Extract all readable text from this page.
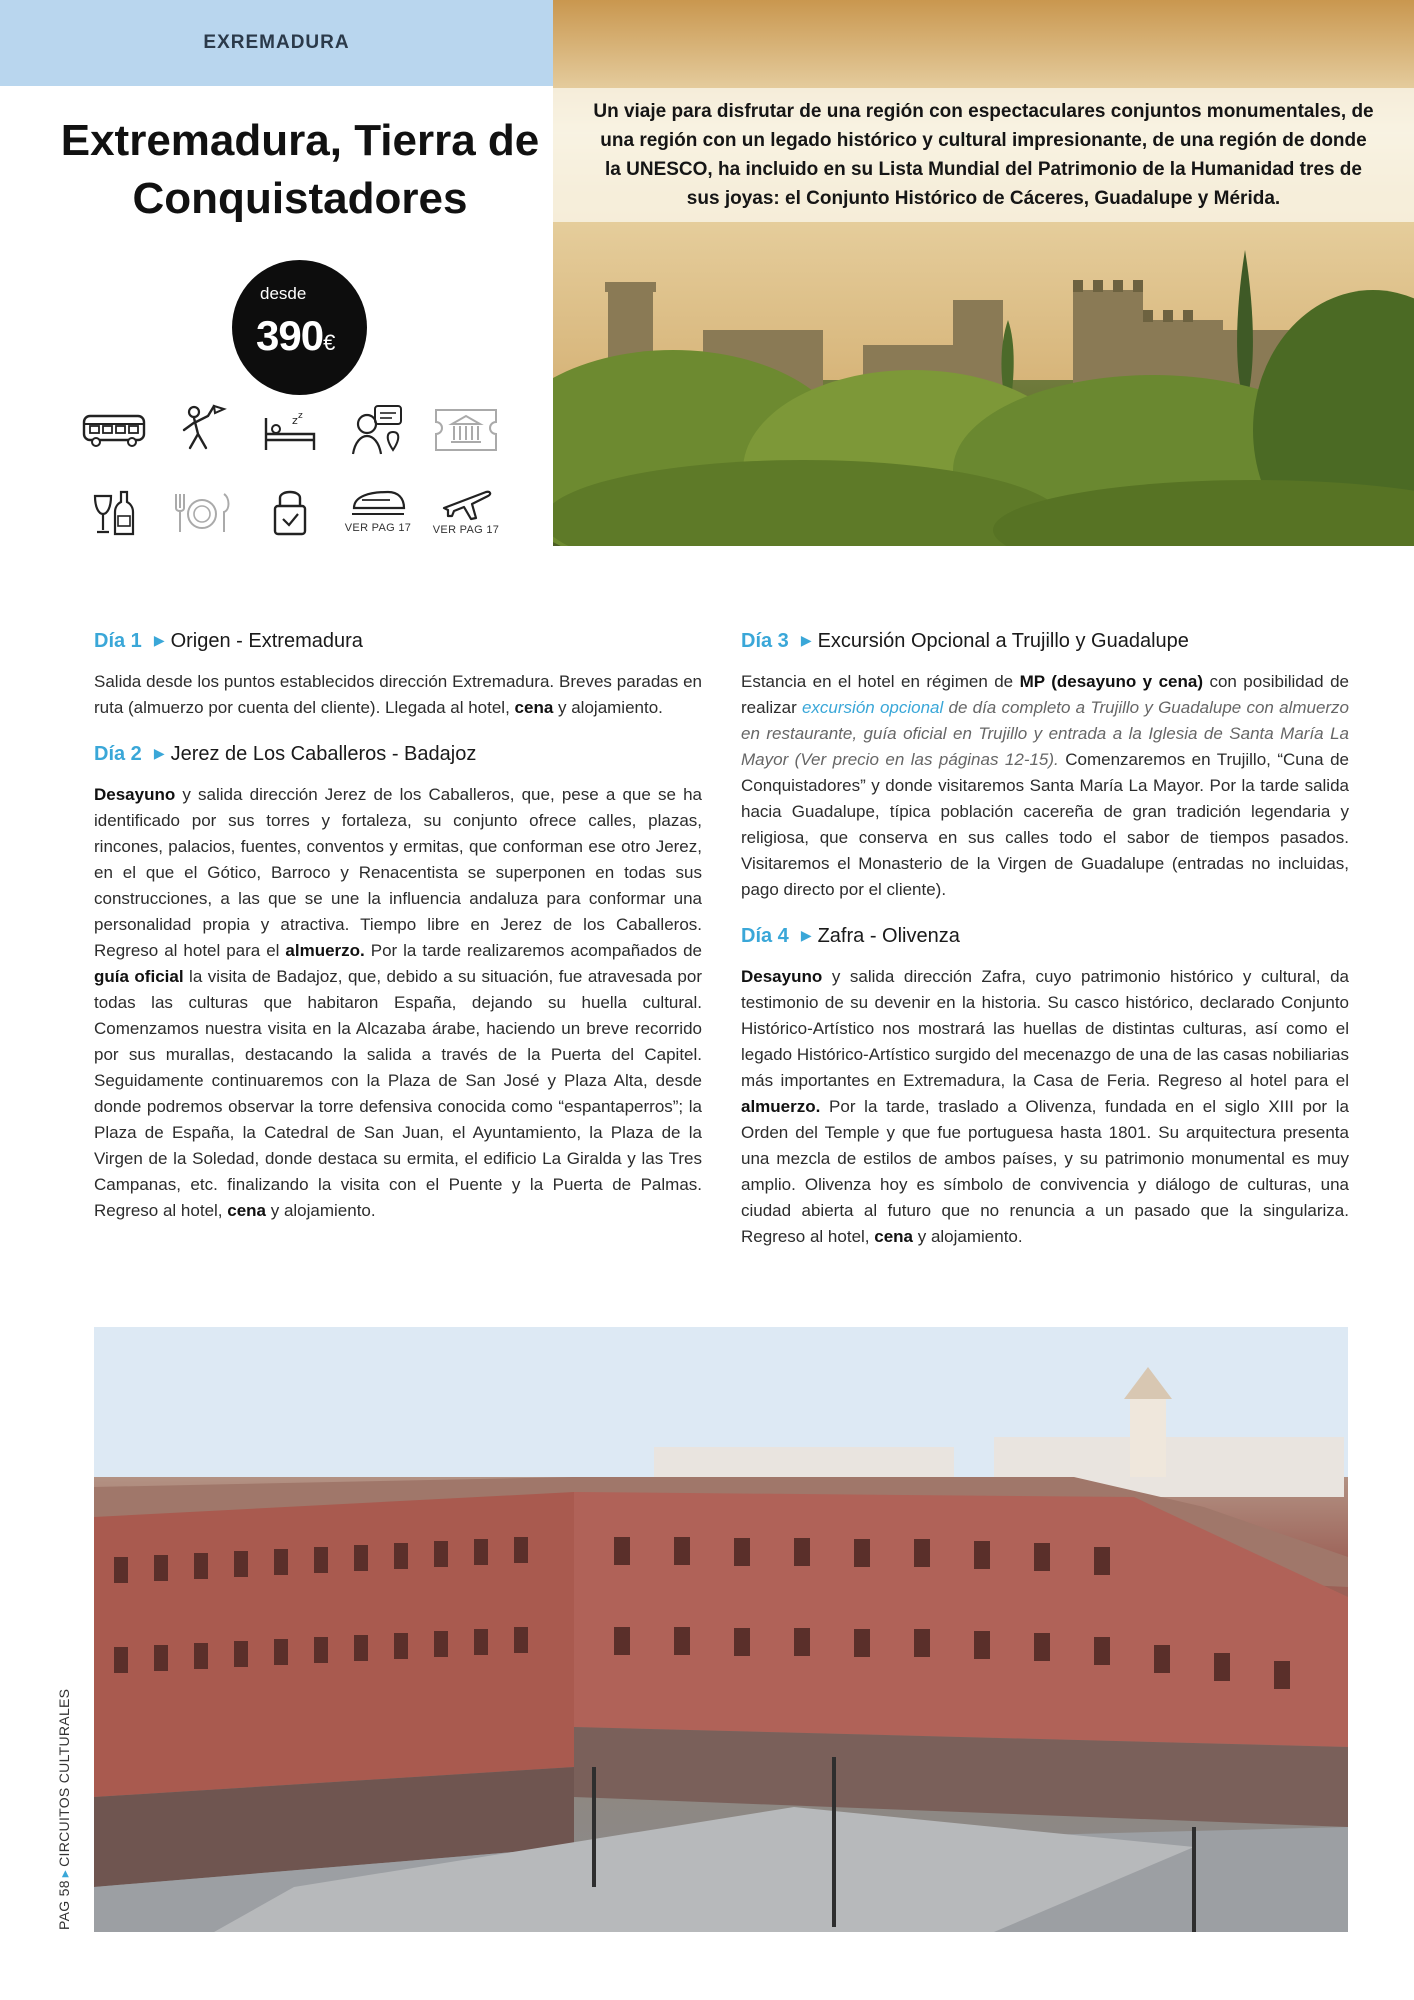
EXREMADURA
Extremadura, Tierra de
Conquistadores
desde
390€
z z
VER PAG 17	VER PAG 17

Un viaje para disfrutar de una región con espectaculares conjuntos monumentales, de una región con un legado histórico y cultural impresionante, de una región de donde la UNESCO, ha incluido en su Lista Mundial del Patrimonio de la Humanidad tres de sus joyas: el Conjunto Histórico de Cáceres, Guadalupe y Mérida.

Día 1 ▶ Origen - Extremadura
Salida desde los puntos establecidos dirección Extremadura. Breves paradas en ruta (almuerzo por cuenta del cliente). Llegada al hotel, cena y alojamiento.
Día 2 ▶ Jerez de Los Caballeros - Badajoz
Desayuno y salida dirección Jerez de los Caballeros, que, pese a que se ha identificado por sus torres y fortaleza, su conjunto ofrece calles, plazas, rincones, palacios, fuentes, conventos y ermitas, que conforman ese otro Jerez, en el que el Gótico, Barroco y Renacentista se superponen en todas sus construcciones, a las que se une la influencia andaluza para conformar una personalidad propia y atractiva. Tiempo libre en Jerez de los Caballeros. Regreso al hotel para el almuerzo. Por la tarde realizaremos acompañados de guía oficial la visita de Badajoz, que, debido a su situación, fue atravesada por todas las culturas que habitaron España, dejando su huella cultural. Comenzamos nuestra visita en la Alcazaba árabe, haciendo un breve recorrido por sus murallas, destacando la salida a través de la Puerta del Capitel. Seguidamente continuaremos con la Plaza de San José y Plaza Alta, desde donde podremos observar la torre defensiva conocida como “espantaperros”; la Plaza de España, la Catedral de San Juan, el Ayuntamiento, la Plaza de la Virgen de la Soledad, donde destaca su ermita, el edificio La Giralda y las Tres Campanas, etc. finalizando la visita con el Puente y la Puerta de Palmas. Regreso al hotel, cena y alojamiento.
Día 3 ▶ Excursión Opcional a Trujillo y Guadalupe
Estancia en el hotel en régimen de MP (desayuno y cena) con posibilidad de realizar excursión opcional de día completo a Trujillo y Guadalupe con almuerzo en restaurante, guía oficial en Trujillo y entrada a la Iglesia de Santa María La Mayor (Ver precio en las páginas 12-15). Comenzaremos en Trujillo, “Cuna de Conquistadores” y donde visitaremos Santa María La Mayor. Por la tarde salida hacia Guadalupe, típica población cacereña de gran tradición legendaria y religiosa, que conserva en sus calles todo el sabor de tiempos pasados. Visitaremos el Monasterio de la Virgen de Guadalupe (entradas no incluidas, pago directo por el cliente).
Día 4 ▶ Zafra - Olivenza
Desayuno y salida dirección Zafra, cuyo patrimonio histórico y cultural, da testimonio de su devenir en la historia. Su casco histórico, declarado Conjunto Histórico-Artístico nos mostrará las huellas de distintas culturas, así como el legado Histórico-Artístico surgido del mecenazgo de una de las casas nobiliarias más importantes en Extremadura, la Casa de Feria. Regreso al hotel para el almuerzo. Por la tarde, traslado a Olivenza, fundada en el siglo XIII por la Orden del Temple y que fue portuguesa hasta 1801. Su arquitectura presenta una mezcla de estilos de ambos países, y su patrimonio monumental es muy amplio. Olivenza hoy es símbolo de convivencia y diálogo de culturas, una ciudad abierta al futuro que no renuncia a un pasado que la singulariza. Regreso al hotel, cena y alojamiento.
PAG 58▸CIRCUITOS CULTURALES
